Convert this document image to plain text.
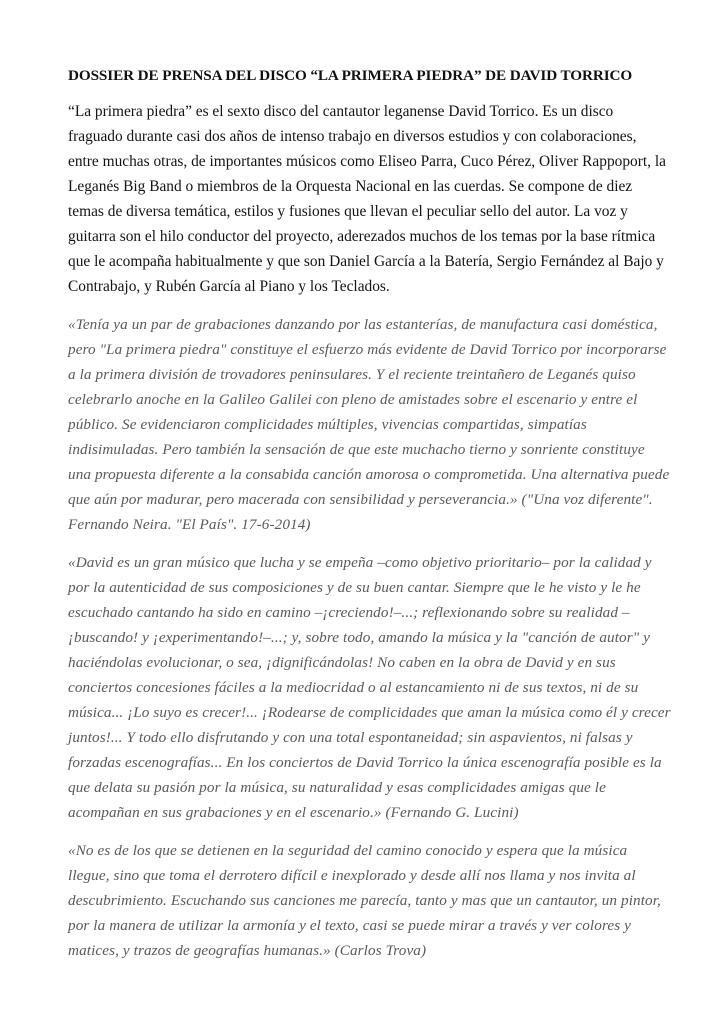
DOSSIER DE PRENSA DEL DISCO “LA PRIMERA PIEDRA” DE DAVID TORRICO

“La primera piedra” es el sexto disco del cantautor leganense David Torrico. Es un disco
fraguado durante casi dos años de intenso trabajo en diversos estudios y con colaboraciones,
entre muchas otras, de importantes músicos como Eliseo Parra, Cuco Pérez, Oliver Rappoport, la
Leganés Big Band o miembros de la Orquesta Nacional en las cuerdas. Se compone de diez
temas de diversa temática, estilos y fusiones que llevan el peculiar sello del autor. La voz y
guitarra son el hilo conductor del proyecto, aderezados muchos de los temas por la base rítmica
que le acompaña habitualmente y que son Daniel García a la Batería, Sergio Fernández al Bajo y
Contrabajo, y Rubén García al Piano y los Teclados.

«Tenía ya un par de grabaciones danzando por las estanterías, de manufactura casi doméstica,
pero "La primera piedra" constituye el esfuerzo más evidente de David Torrico por incorporarse
a la primera división de trovadores peninsulares. Y el reciente treintañero de Leganés quiso
celebrarlo anoche en la Galileo Galilei con pleno de amistades sobre el escenario y entre el
público. Se evidenciaron complicidades múltiples, vivencias compartidas, simpatías
indisimuladas. Pero también la sensación de que este muchacho tierno y sonriente constituye
una propuesta diferente a la consabida canción amorosa o comprometida. Una alternativa puede
que aún por madurar, pero macerada con sensibilidad y perseverancia.» ("Una voz diferente".
Fernando Neira. "El País". 17-6-2014)

«David es un gran músico que lucha y se empeña –como objetivo prioritario– por la calidad y
por la autenticidad de sus composiciones y de su buen cantar. Siempre que le he visto y le he
escuchado cantando ha sido en camino –¡creciendo!–...; reflexionando sobre su realidad –
¡buscando! y ¡experimentando!–...; y, sobre todo, amando la música y la "canción de autor" y
haciéndolas evolucionar, o sea, ¡dignificándolas! No caben en la obra de David y en sus
conciertos concesiones fáciles a la mediocridad o al estancamiento ni de sus textos, ni de su
música... ¡Lo suyo es crecer!... ¡Rodearse de complicidades que aman la música como él y crecer
juntos!... Y todo ello disfrutando y con una total espontaneidad; sin aspavientos, ni falsas y
forzadas escenografías... En los conciertos de David Torrico la única escenografía posible es la
que delata su pasión por la música, su naturalidad y esas complicidades amigas que le
acompañan en sus grabaciones y en el escenario.» (Fernando G. Lucini)

«No es de los que se detienen en la seguridad del camino conocido y espera que la música
llegue, sino que toma el derrotero difícil e inexplorado y desde allí nos llama y nos invita al
descubrimiento. Escuchando sus canciones me parecía, tanto y mas que un cantautor, un pintor,
por la manera de utilizar la armonía y el texto, casi se puede mirar a través y ver colores y
matices, y trazos de geografías humanas.» (Carlos Trova)
